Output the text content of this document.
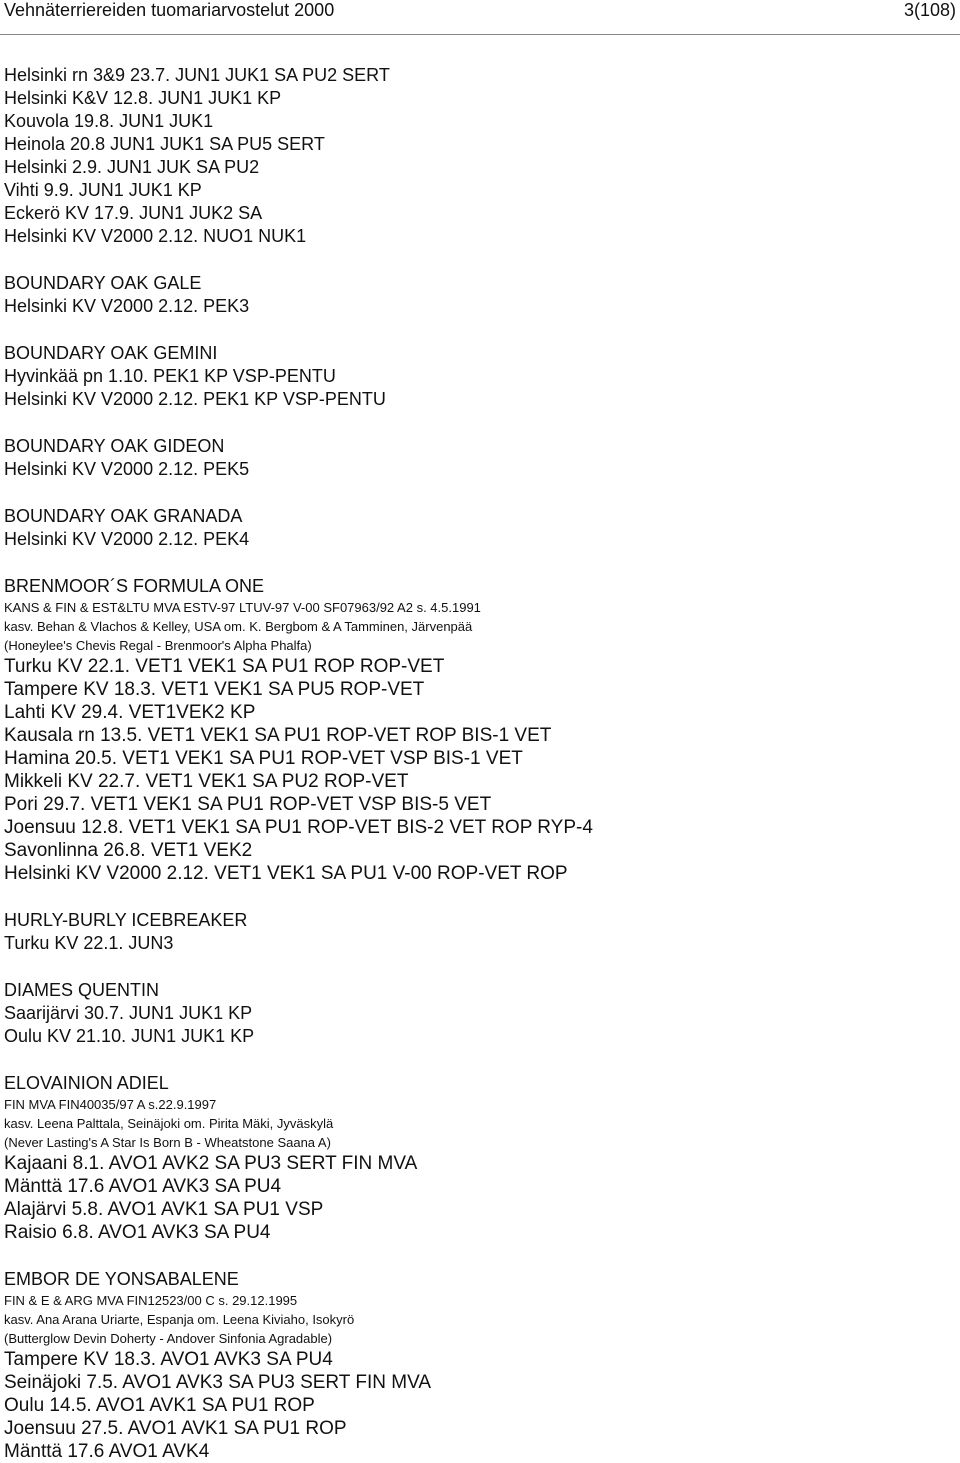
Vehnäterriereiden tuomariarvostelut 2000	3(108)
Helsinki rn 3&9 23.7. JUN1 JUK1 SA PU2 SERT
Helsinki K&V 12.8. JUN1 JUK1 KP
Kouvola 19.8. JUN1 JUK1
Heinola 20.8 JUN1 JUK1 SA PU5 SERT
Helsinki 2.9. JUN1 JUK SA PU2
Vihti 9.9. JUN1 JUK1 KP
Eckerö KV 17.9. JUN1 JUK2 SA
Helsinki KV V2000 2.12. NUO1 NUK1
BOUNDARY OAK GALE
Helsinki KV V2000 2.12. PEK3
BOUNDARY OAK GEMINI
Hyvinkää pn 1.10. PEK1 KP VSP-PENTU
Helsinki KV V2000 2.12. PEK1 KP VSP-PENTU
BOUNDARY OAK GIDEON
Helsinki KV V2000 2.12. PEK5
BOUNDARY OAK GRANADA
Helsinki KV V2000 2.12. PEK4
BRENMOOR´S FORMULA ONE
KANS & FIN & EST&LTU MVA ESTV-97 LTUV-97 V-00 SF07963/92 A2 s. 4.5.1991
kasv. Behan & Vlachos & Kelley, USA om. K. Bergbom & A Tamminen, Järvenpää
(Honeylee's Chevis Regal - Brenmoor's Alpha Phalfa)
Turku KV 22.1. VET1 VEK1 SA PU1 ROP ROP-VET
Tampere KV 18.3. VET1 VEK1 SA PU5 ROP-VET
Lahti KV 29.4. VET1VEK2 KP
Kausala rn 13.5. VET1 VEK1 SA PU1 ROP-VET ROP BIS-1 VET
Hamina 20.5. VET1 VEK1 SA PU1 ROP-VET VSP BIS-1 VET
Mikkeli KV 22.7. VET1 VEK1 SA PU2 ROP-VET
Pori 29.7. VET1 VEK1 SA PU1 ROP-VET VSP BIS-5 VET
Joensuu 12.8. VET1 VEK1 SA PU1 ROP-VET BIS-2 VET ROP RYP-4
Savonlinna 26.8. VET1 VEK2
Helsinki KV V2000 2.12. VET1 VEK1 SA PU1 V-00 ROP-VET ROP
HURLY-BURLY ICEBREAKER
Turku KV 22.1. JUN3
DIAMES QUENTIN
Saarijärvi 30.7. JUN1 JUK1 KP
Oulu KV 21.10. JUN1 JUK1 KP
ELOVAINION ADIEL
FIN MVA FIN40035/97 A s.22.9.1997
kasv. Leena Palttala, Seinäjoki om. Pirita Mäki, Jyväskylä
(Never Lasting's A Star Is Born B - Wheatstone Saana A)
Kajaani 8.1. AVO1 AVK2 SA PU3 SERT FIN MVA
Mänttä 17.6 AVO1 AVK3 SA PU4
Alajärvi 5.8. AVO1 AVK1 SA PU1 VSP
Raisio 6.8. AVO1 AVK3 SA PU4
EMBOR DE YONSABALENE
FIN & E & ARG MVA FIN12523/00 C s. 29.12.1995
kasv. Ana Arana Uriarte, Espanja om. Leena Kiviaho, Isokyrö
(Butterglow Devin Doherty - Andover Sinfonia Agradable)
Tampere KV 18.3. AVO1 AVK3 SA PU4
Seinäjoki 7.5. AVO1 AVK3 SA PU3 SERT FIN MVA
Oulu 14.5. AVO1 AVK1 SA PU1 ROP
Joensuu 27.5. AVO1 AVK1 SA PU1 ROP
Mänttä 17.6 AVO1 AVK4
